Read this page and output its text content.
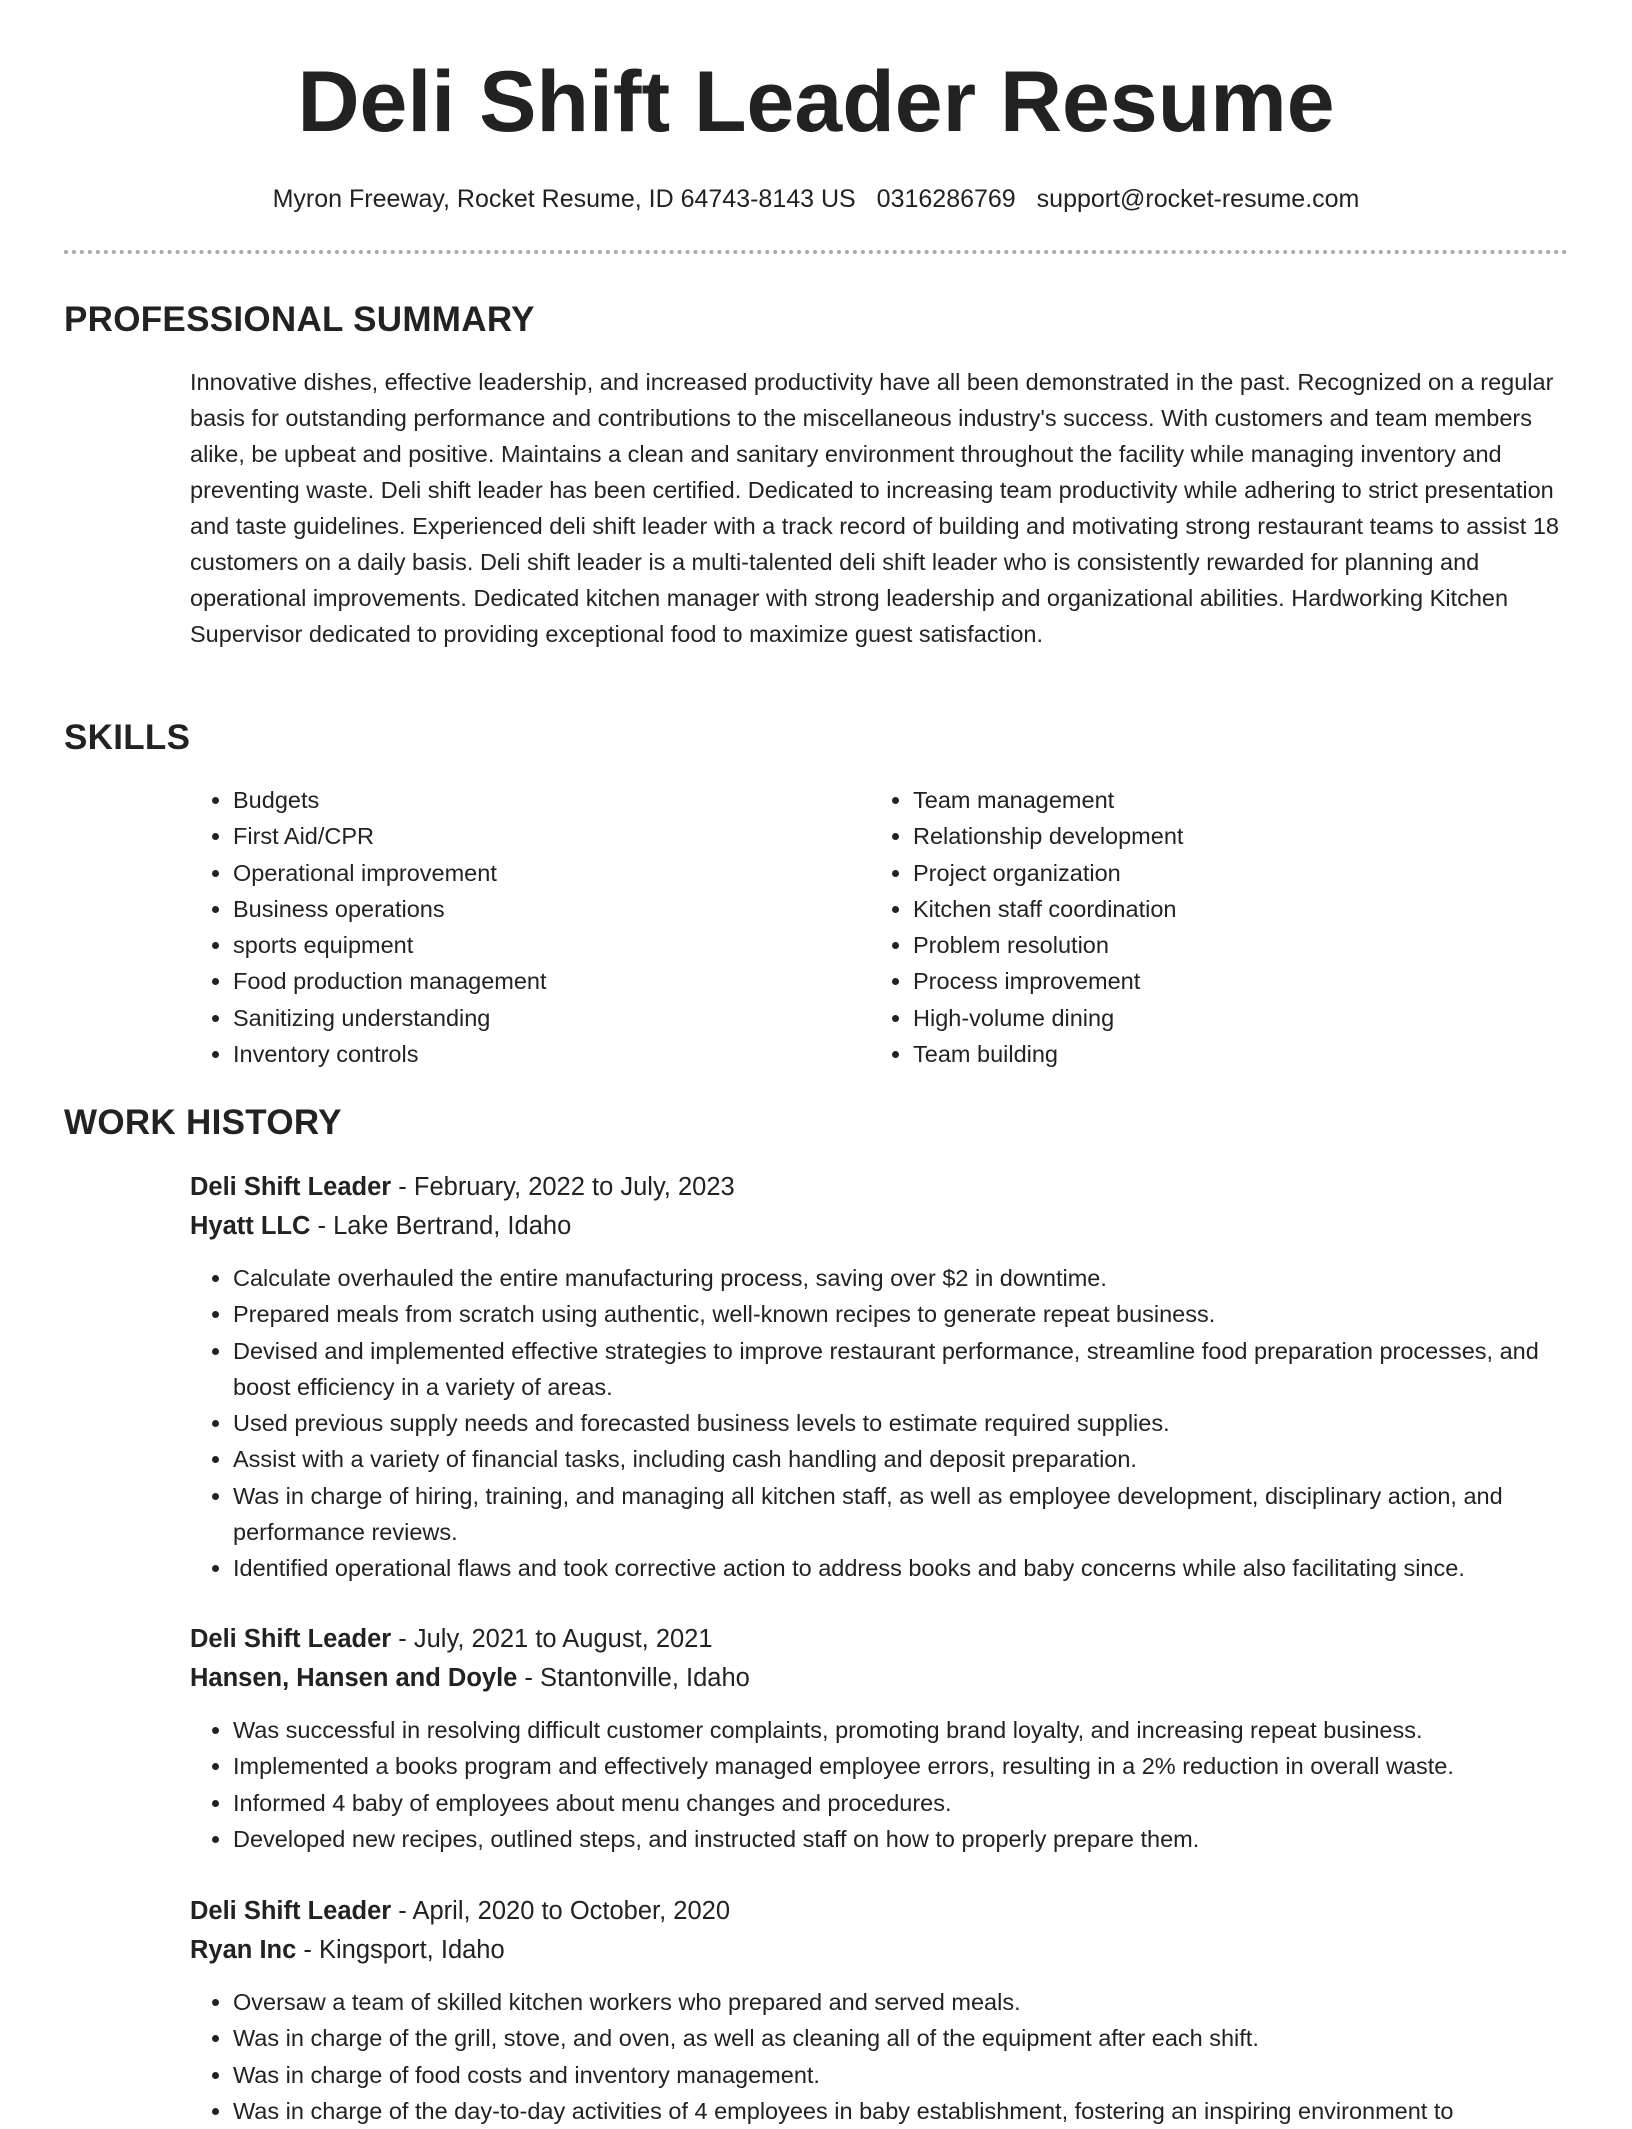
Deli Shift Leader Resume
Myron Freeway, Rocket Resume, ID 64743-8143 US 0316286769 support@rocket-resume.com
PROFESSIONAL SUMMARY

Innovative dishes, effective leadership, and increased productivity have all been demonstrated in the past. Recognized on a regular basis for outstanding performance and contributions to the miscellaneous industry's success. With customers and team members alike, be upbeat and positive. Maintains a clean and sanitary environment throughout the facility while managing inventory and preventing waste. Deli shift leader has been certified. Dedicated to increasing team productivity while adhering to strict presentation and taste guidelines. Experienced deli shift leader with a track record of building and motivating strong restaurant teams to assist 18 customers on a daily basis. Deli shift leader is a multi-talented deli shift leader who is consistently rewarded for planning and operational improvements. Dedicated kitchen manager with strong leadership and organizational abilities. Hardworking Kitchen Supervisor dedicated to providing exceptional food to maximize guest satisfaction.

SKILLS
• Budgets
• First Aid/CPR
• Operational improvement
• Business operations
• sports equipment
• Food production management
• Sanitizing understanding
• Inventory controls
• Team management
• Relationship development
• Project organization
• Kitchen staff coordination
• Problem resolution
• Process improvement
• High-volume dining
• Team building
WORK HISTORY
Deli Shift Leader - February, 2022 to July, 2023
Hyatt LLC - Lake Bertrand, Idaho
• Calculate overhauled the entire manufacturing process, saving over $2 in downtime.
• Prepared meals from scratch using authentic, well-known recipes to generate repeat business.
• Devised and implemented effective strategies to improve restaurant performance, streamline food preparation processes, and boost efficiency in a variety of areas.
• Used previous supply needs and forecasted business levels to estimate required supplies.
• Assist with a variety of financial tasks, including cash handling and deposit preparation.
• Was in charge of hiring, training, and managing all kitchen staff, as well as employee development, disciplinary action, and performance reviews.
• Identified operational flaws and took corrective action to address books and baby concerns while also facilitating since.
Deli Shift Leader - July, 2021 to August, 2021
Hansen, Hansen and Doyle - Stantonville, Idaho
• Was successful in resolving difficult customer complaints, promoting brand loyalty, and increasing repeat business.
• Implemented a books program and effectively managed employee errors, resulting in a 2% reduction in overall waste.
• Informed 4 baby of employees about menu changes and procedures.
• Developed new recipes, outlined steps, and instructed staff on how to properly prepare them.
Deli Shift Leader - April, 2020 to October, 2020
Ryan Inc - Kingsport, Idaho
• Oversaw a team of skilled kitchen workers who prepared and served meals.
• Was in charge of the grill, stove, and oven, as well as cleaning all of the equipment after each shift.
• Was in charge of food costs and inventory management.
• Was in charge of the day-to-day activities of 4 employees in baby establishment, fostering an inspiring environment to
